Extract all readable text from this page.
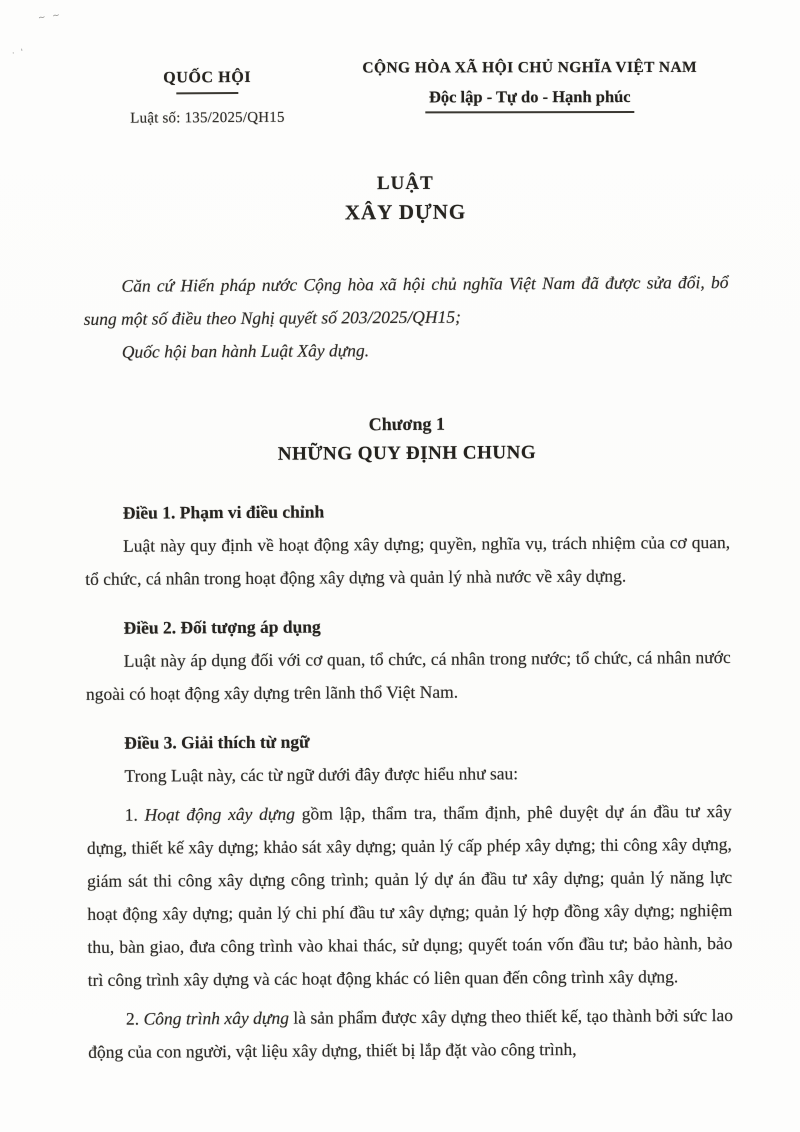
~ ~
· '
QUỐC HỘI
Luật số: 135/2025/QH15
CỘNG HÒA XÃ HỘI CHỦ NGHĨA VIỆT NAM
Độc lập - Tự do - Hạnh phúc
LUẬT
XÂY DỰNG

Căn cứ Hiến pháp nước Cộng hòa xã hội chủ nghĩa Việt Nam đã được sửa đổi, bổ sung một số điều theo Nghị quyết số 203/2025/QH15;

Quốc hội ban hành Luật Xây dựng.

Chương 1
NHỮNG QUY ĐỊNH CHUNG

Điều 1. Phạm vi điều chỉnh

Luật này quy định về hoạt động xây dựng; quyền, nghĩa vụ, trách nhiệm của cơ quan, tổ chức, cá nhân trong hoạt động xây dựng và quản lý nhà nước về xây dựng.

Điều 2. Đối tượng áp dụng

Luật này áp dụng đối với cơ quan, tổ chức, cá nhân trong nước; tổ chức, cá nhân nước ngoài có hoạt động xây dựng trên lãnh thổ Việt Nam.

Điều 3. Giải thích từ ngữ

Trong Luật này, các từ ngữ dưới đây được hiểu như sau:

1. Hoạt động xây dựng gồm lập, thẩm tra, thẩm định, phê duyệt dự án đầu tư xây dựng, thiết kế xây dựng; khảo sát xây dựng; quản lý cấp phép xây dựng; thi công xây dựng, giám sát thi công xây dựng công trình; quản lý dự án đầu tư xây dựng; quản lý năng lực hoạt động xây dựng; quản lý chi phí đầu tư xây dựng; quản lý hợp đồng xây dựng; nghiệm thu, bàn giao, đưa công trình vào khai thác, sử dụng; quyết toán vốn đầu tư; bảo hành, bảo trì công trình xây dựng và các hoạt động khác có liên quan đến công trình xây dựng.

2. Công trình xây dựng là sản phẩm được xây dựng theo thiết kế, tạo thành bởi sức lao động của con người, vật liệu xây dựng, thiết bị lắp đặt vào công trình,
